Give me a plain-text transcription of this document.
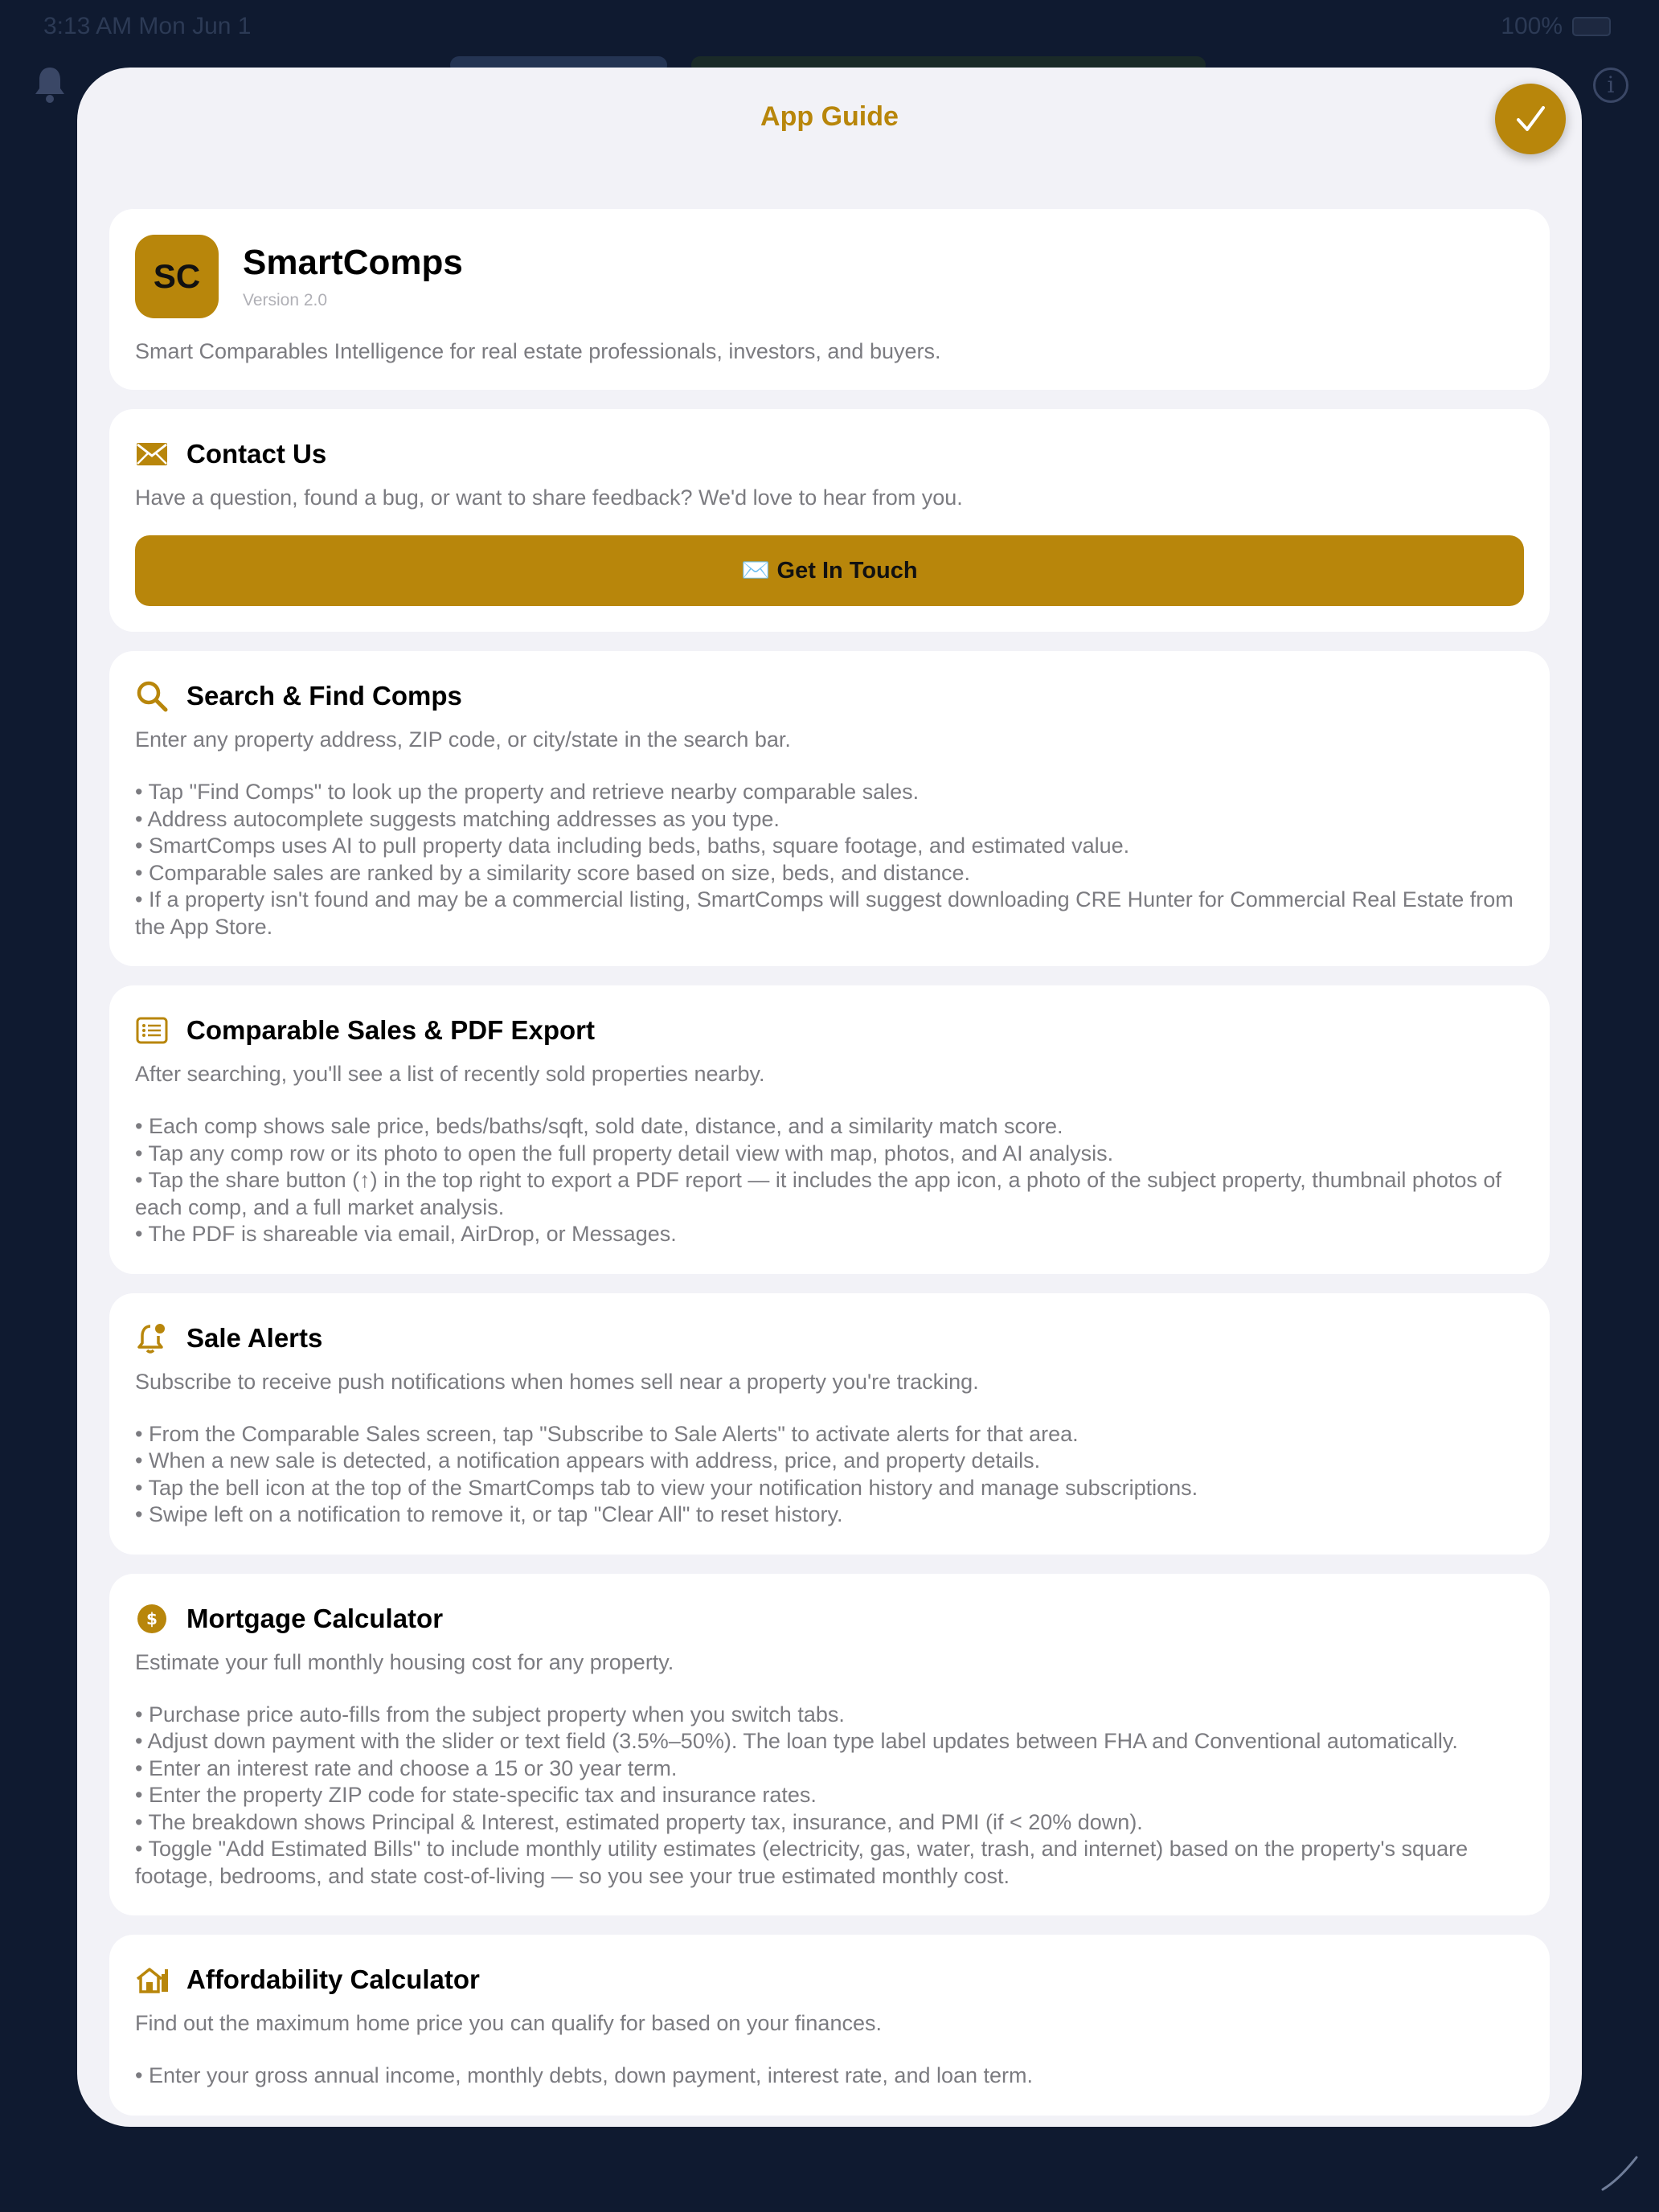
3:13 AM Mon Jun 1	100%
i
App Guide
SC	SmartComps
Version 2.0
Smart Comparables Intelligence for real estate professionals, investors, and buyers.
Contact Us
Have a question, found a bug, or want to share feedback? We'd love to hear from you.
✉️ Get In Touch
Search & Find Comps
Enter any property address, ZIP code, or city/state in the search bar.
• Tap "Find Comps" to look up the property and retrieve nearby comparable sales.
• Address autocomplete suggests matching addresses as you type.
• SmartComps uses AI to pull property data including beds, baths, square footage, and estimated value.
• Comparable sales are ranked by a similarity score based on size, beds, and distance.
• If a property isn't found and may be a commercial listing, SmartComps will suggest downloading CRE Hunter for Commercial Real Estate from the App Store.
Comparable Sales & PDF Export
After searching, you'll see a list of recently sold properties nearby.
• Each comp shows sale price, beds/baths/sqft, sold date, distance, and a similarity match score.
• Tap any comp row or its photo to open the full property detail view with map, photos, and AI analysis.
• Tap the share button (↑) in the top right to export a PDF report — it includes the app icon, a photo of the subject property, thumbnail photos of each comp, and a full market analysis.
• The PDF is shareable via email, AirDrop, or Messages.
Sale Alerts
Subscribe to receive push notifications when homes sell near a property you're tracking.
• From the Comparable Sales screen, tap "Subscribe to Sale Alerts" to activate alerts for that area.
• When a new sale is detected, a notification appears with address, price, and property details.
• Tap the bell icon at the top of the SmartComps tab to view your notification history and manage subscriptions.
• Swipe left on a notification to remove it, or tap "Clear All" to reset history.
$ Mortgage Calculator
Estimate your full monthly housing cost for any property.
• Purchase price auto-fills from the subject property when you switch tabs.
• Adjust down payment with the slider or text field (3.5%–50%). The loan type label updates between FHA and Conventional automatically.
• Enter an interest rate and choose a 15 or 30 year term.
• Enter the property ZIP code for state-specific tax and insurance rates.
• The breakdown shows Principal & Interest, estimated property tax, insurance, and PMI (if < 20% down).
• Toggle "Add Estimated Bills" to include monthly utility estimates (electricity, gas, water, trash, and internet) based on the property's square footage, bedrooms, and state cost-of-living — so you see your true estimated monthly cost.
Affordability Calculator
Find out the maximum home price you can qualify for based on your finances.
• Enter your gross annual income, monthly debts, down payment, interest rate, and loan term.
